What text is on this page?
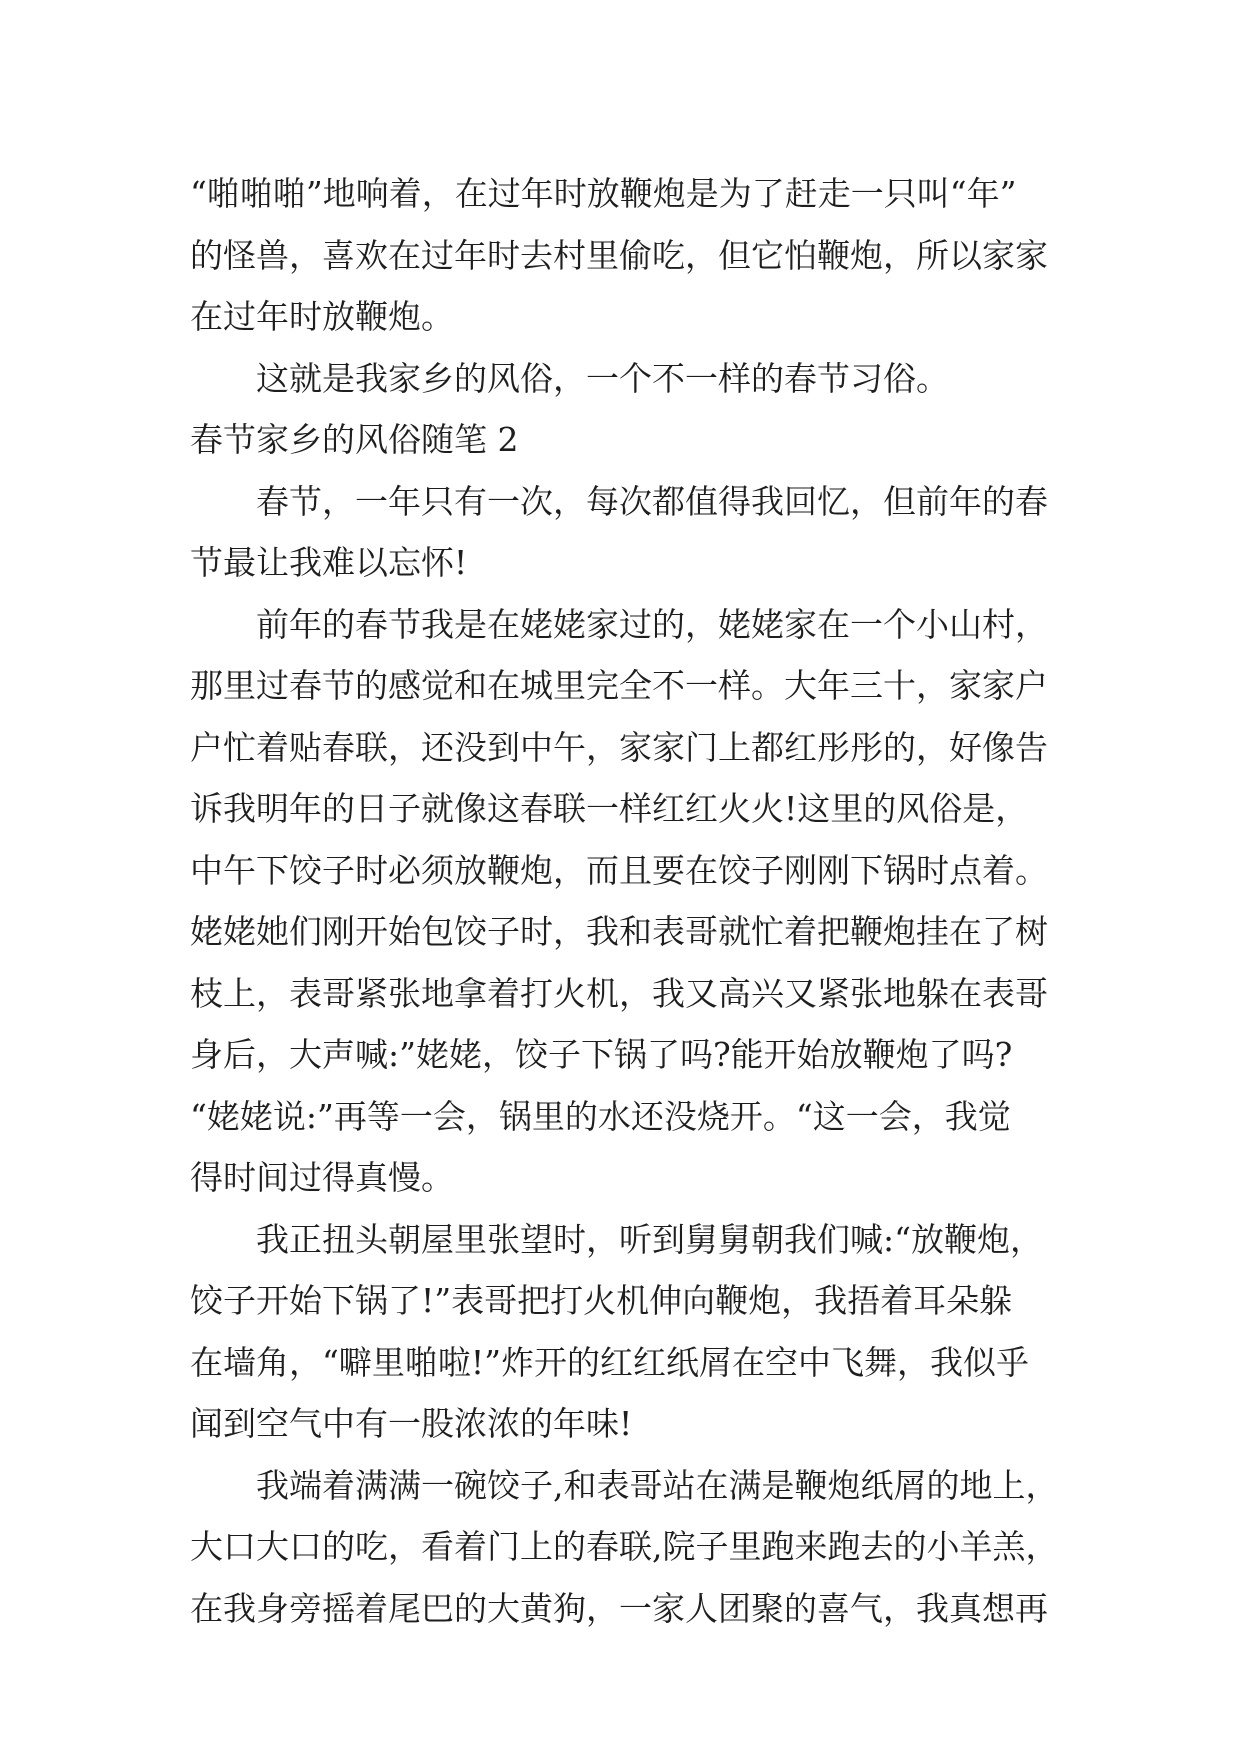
“啪啪啪”地响着，在过年时放鞭炮是为了赶走一只叫“年”
的怪兽，喜欢在过年时去村里偷吃，但它怕鞭炮，所以家家
在过年时放鞭炮。
这就是我家乡的风俗，一个不一样的春节习俗。
春节家乡的风俗随笔 2
春节，一年只有一次，每次都值得我回忆，但前年的春
节最让我难以忘怀!
前年的春节我是在姥姥家过的，姥姥家在一个小山村，
那里过春节的感觉和在城里完全不一样。大年三十，家家户
户忙着贴春联，还没到中午，家家门上都红彤彤的，好像告
诉我明年的日子就像这春联一样红红火火!这里的风俗是，
中午下饺子时必须放鞭炮，而且要在饺子刚刚下锅时点着。
姥姥她们刚开始包饺子时，我和表哥就忙着把鞭炮挂在了树
枝上，表哥紧张地拿着打火机，我又高兴又紧张地躲在表哥
身后，大声喊:”姥姥，饺子下锅了吗?能开始放鞭炮了吗?
“姥姥说:”再等一会，锅里的水还没烧开。“这一会，我觉
得时间过得真慢。
我正扭头朝屋里张望时，听到舅舅朝我们喊:“放鞭炮，
饺子开始下锅了!”表哥把打火机伸向鞭炮，我捂着耳朵躲
在墙角，“噼里啪啦!”炸开的红红纸屑在空中飞舞，我似乎
闻到空气中有一股浓浓的年味!
我端着满满一碗饺子,和表哥站在满是鞭炮纸屑的地上，
大口大口的吃，看着门上的春联,院子里跑来跑去的小羊羔，
在我身旁摇着尾巴的大黄狗，一家人团聚的喜气，我真想再
